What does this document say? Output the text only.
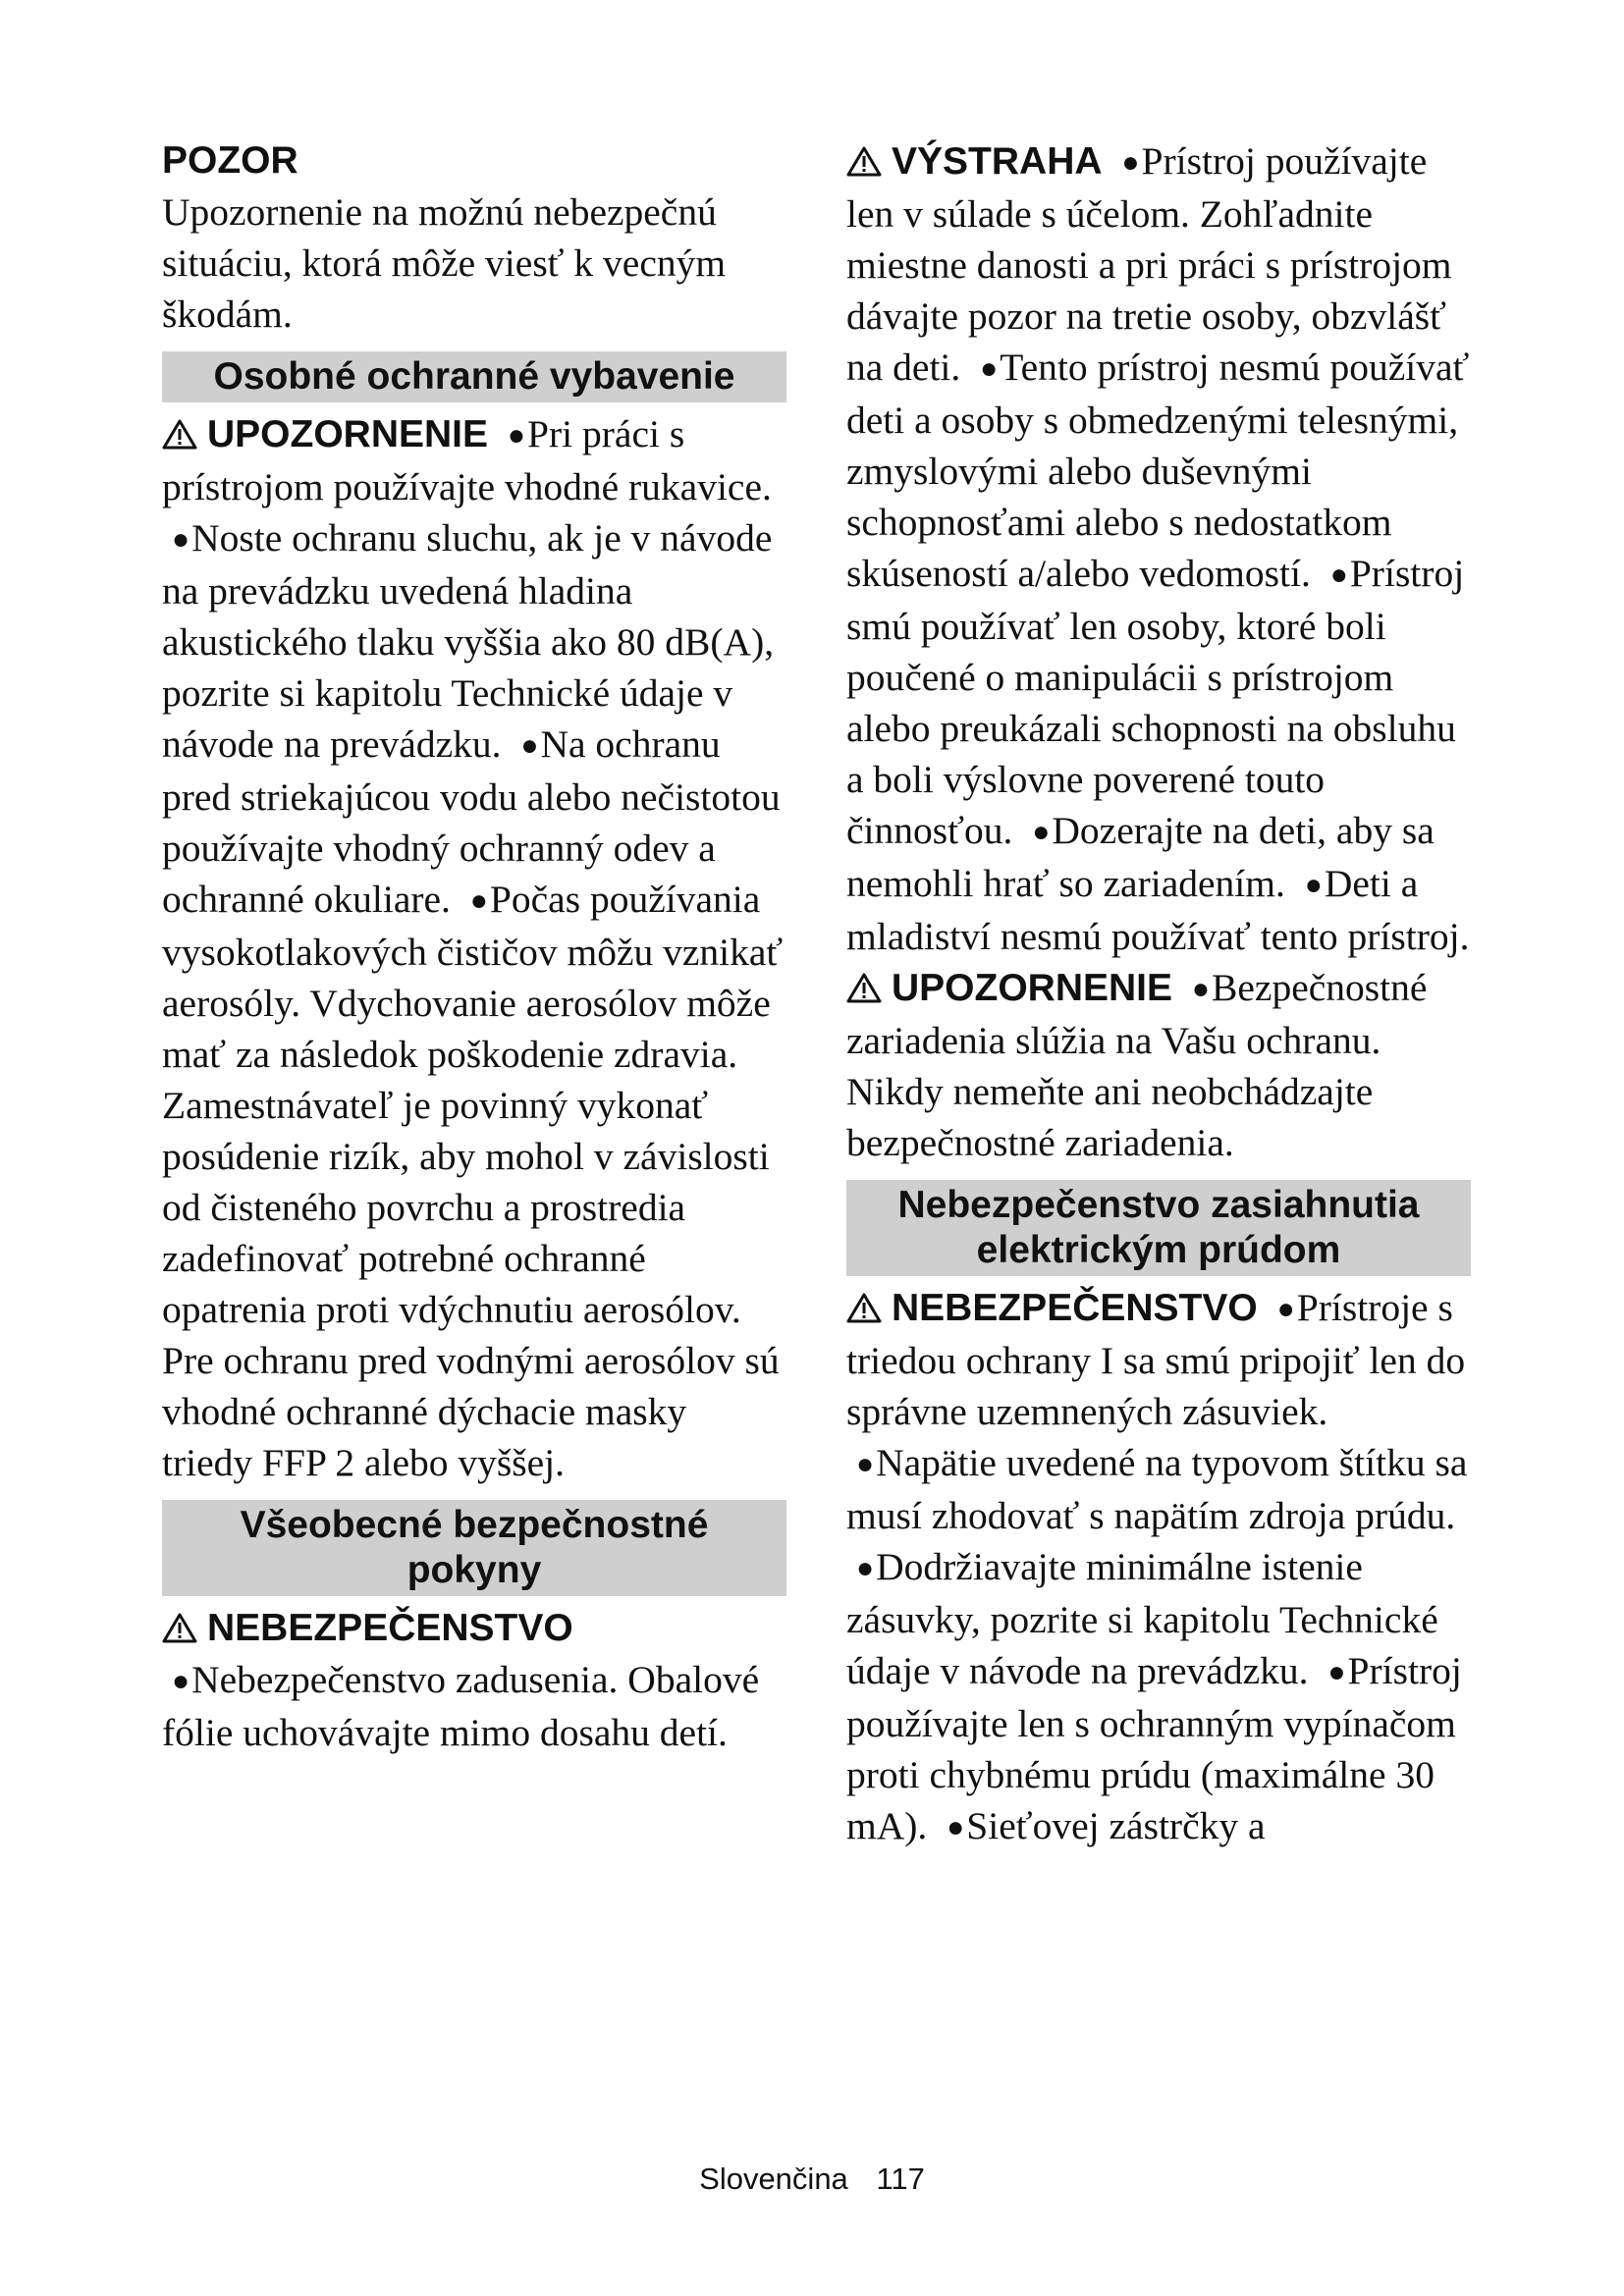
POZOR

Upozornenie na možnú nebezpečnú situáciu, ktorá môže viesť k vecným škodám.

Osobné ochranné vybavenie

UPOZORNENIE ●Pri práci s prístrojom používajte vhodné rukavice. ●Noste ochranu sluchu, ak je v návode na prevádzku uvedená hladina akustického tlaku vyššia ako 80 dB(A), pozrite si kapitolu Technické údaje v návode na prevádzku. ●Na ochranu pred striekajúcou vodu alebo nečistotou používajte vhodný ochranný odev a ochranné okuliare. ●Počas používania vysokotlakových čističov môžu vznikať aerosóly. Vdychovanie aerosólov môže mať za následok poškodenie zdravia.

Zamestnávateľ je povinný vykonať posúdenie rizík, aby mohol v závislosti od čisteného povrchu a prostredia zadefinovať potrebné ochranné opatrenia proti vdýchnutiu aerosólov. Pre ochranu pred vodnými aerosólov sú vhodné ochranné dýchacie masky triedy FFP 2 alebo vyššej.

Všeobecné bezpečnostné pokyny

NEBEZPEČENSTVO ●Nebezpečenstvo zadusenia. Obalové fólie uchovávajte mimo dosahu detí.

VÝSTRAHA ●Prístroj používajte len v súlade s účelom. Zohľadnite miestne danosti a pri práci s prístrojom dávajte pozor na tretie osoby, obzvlášť na deti. ●Tento prístroj nesmú používať deti a osoby s obmedzenými telesnými, zmyslovými alebo duševnými schopnosťami alebo s nedostatkom skúseností a/alebo vedomostí. ●Prístroj smú používať len osoby, ktoré boli poučené o manipulácii s prístrojom alebo preukázali schopnosti na obsluhu a boli výslovne poverené touto činnosťou. ●Dozerajte na deti, aby sa nemohli hrať so zariadením. ●Deti a mladiství nesmú používať tento prístroj.

UPOZORNENIE ●Bezpečnostné zariadenia slúžia na Vašu ochranu. Nikdy nemeňte ani neobchádzajte bezpečnostné zariadenia.

Nebezpečenstvo zasiahnutia elektrickým prúdom

NEBEZPEČENSTVO ●Prístroje s triedou ochrany I sa smú pripojiť len do správne uzemnených zásuviek. ●Napätie uvedené na typovom štítku sa musí zhodovať s napätím zdroja prúdu. ●Dodržiavajte minimálne istenie zásuvky, pozrite si kapitolu Technické údaje v návode na prevádzku. ●Prístroj používajte len s ochranným vypínačom proti chybnému prúdu (maximálne 30 mA). ●Sieťovej zástrčky a

Slovenčina 117
